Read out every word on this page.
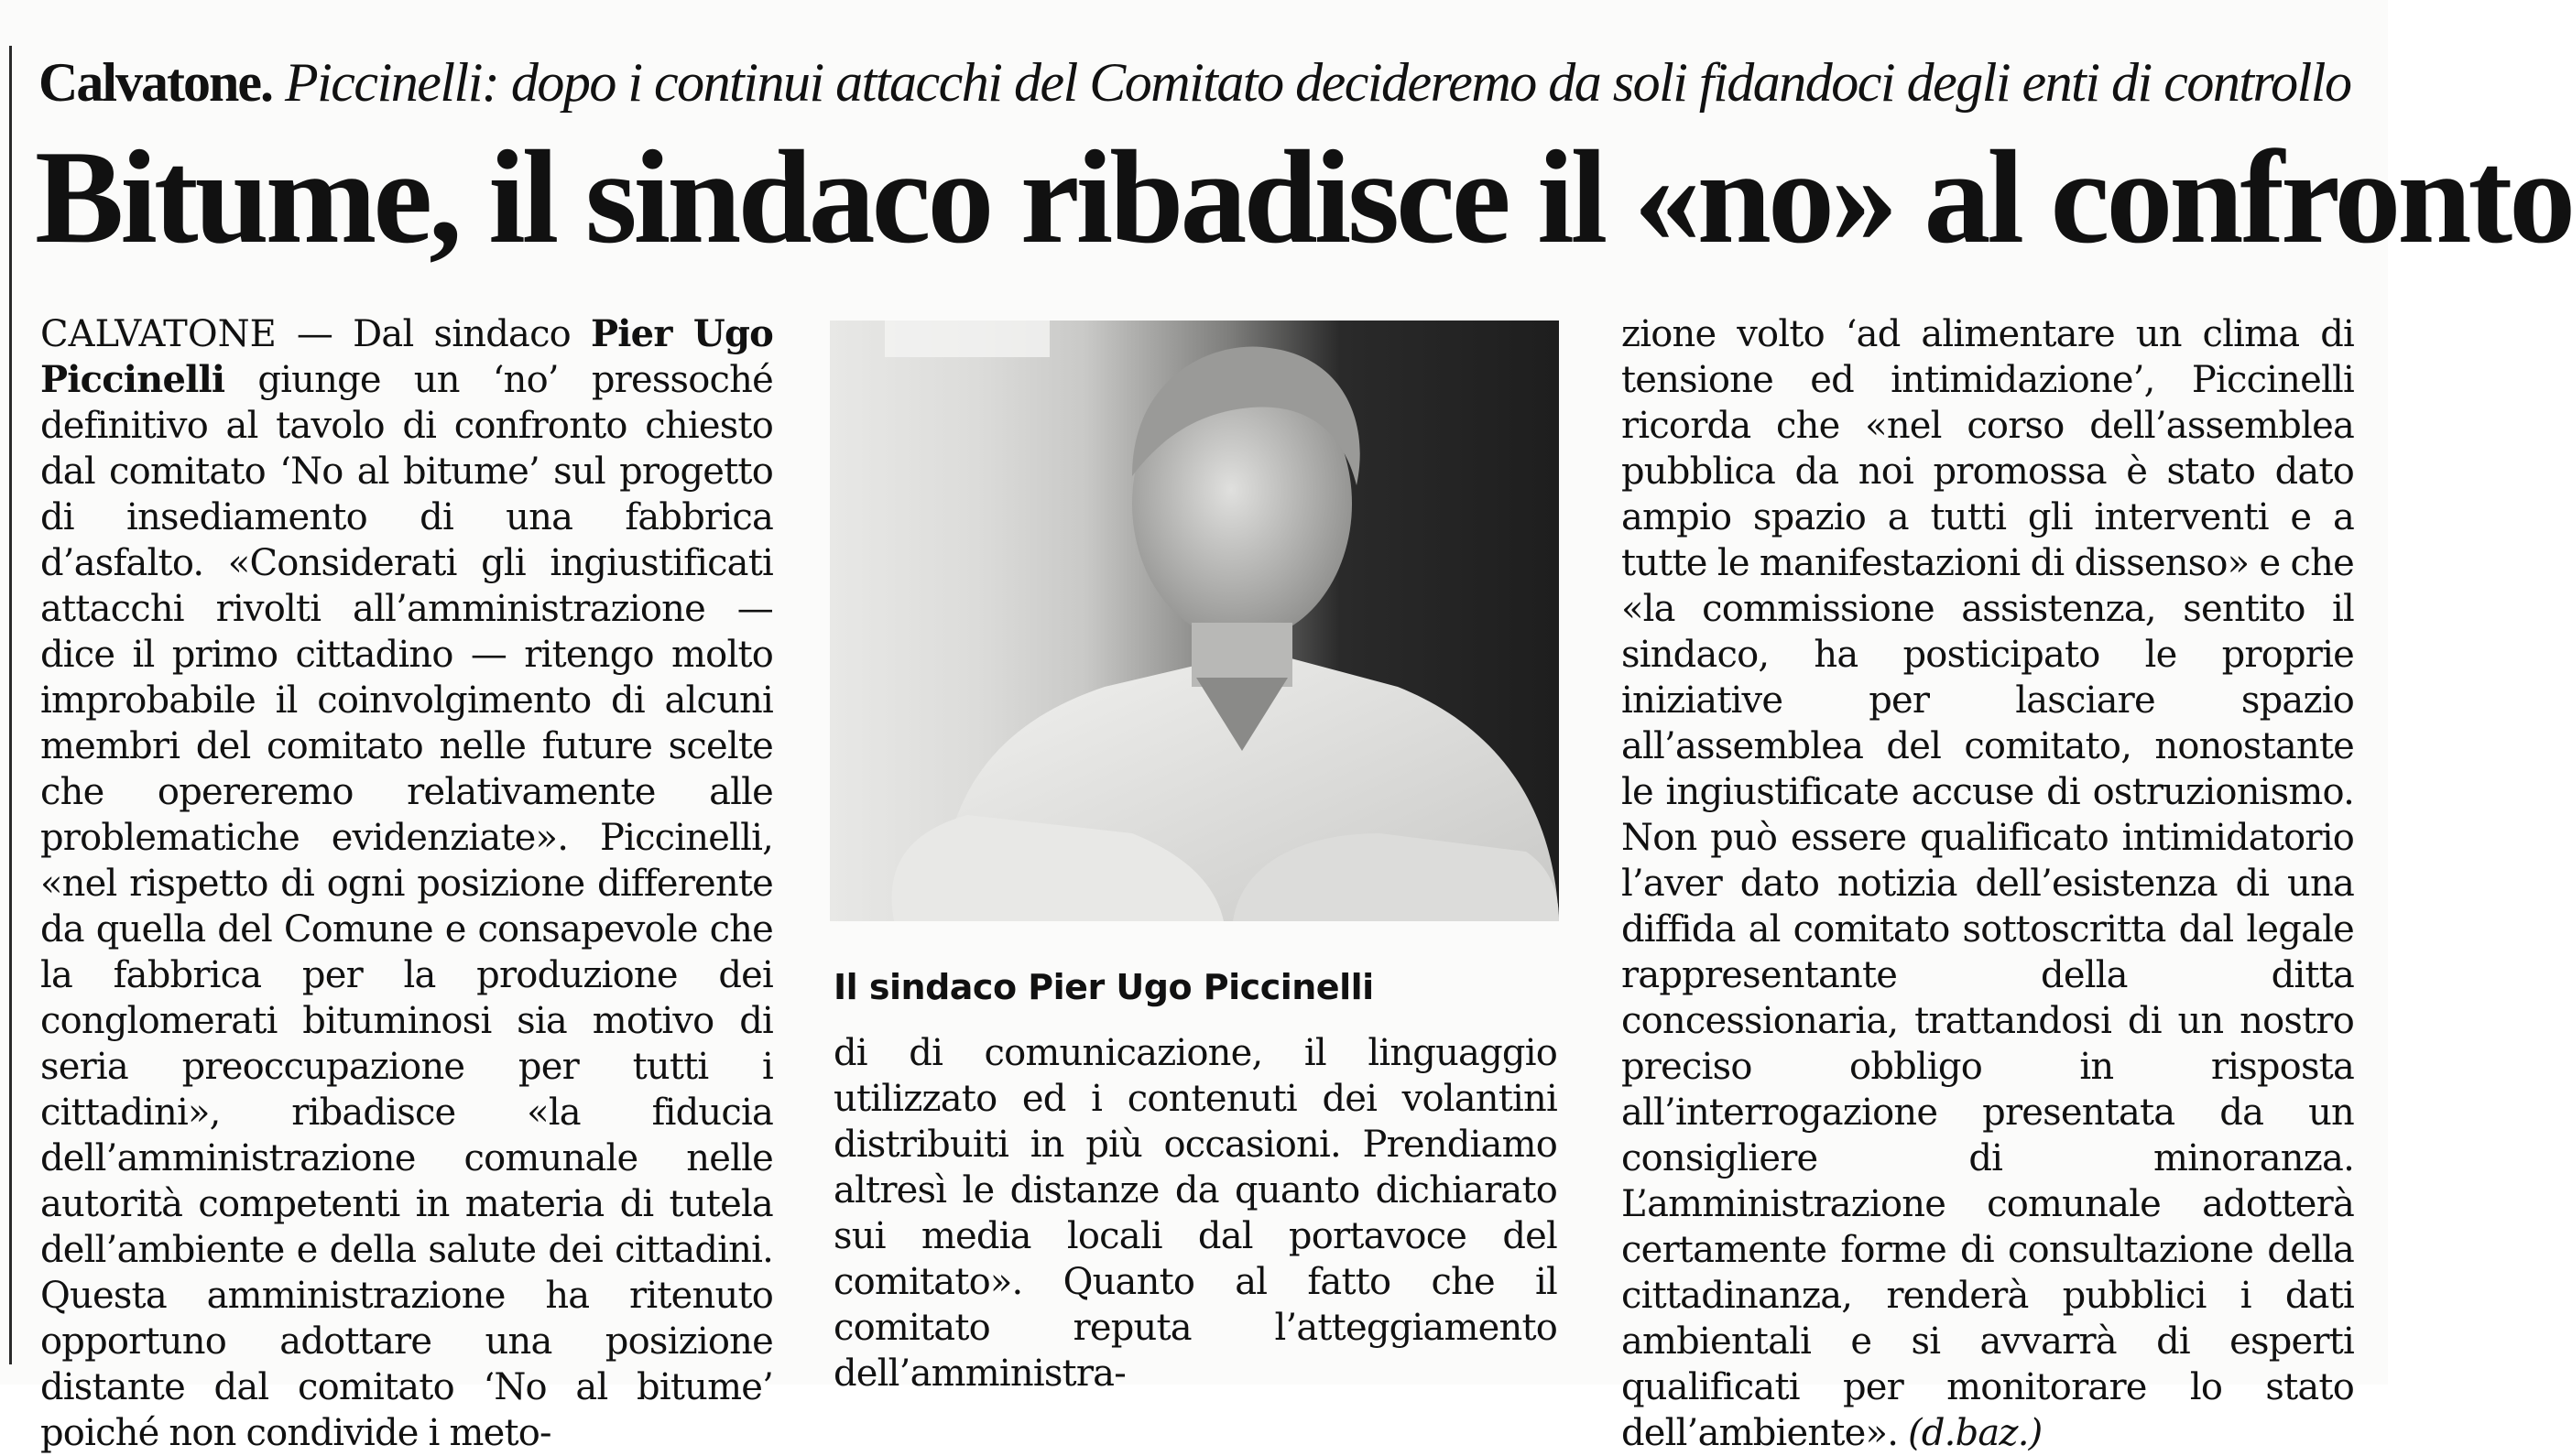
Calvatone. Piccinelli: dopo i continui attacchi del Comitato decideremo da soli fidandoci degli enti di controllo
Bitume, il sindaco ribadisce il «no» al confronto

CALVATONE — Dal sindaco Pier Ugo Piccinelli giunge un ‘no’ pressoché definitivo al tavolo di confronto chiesto dal comitato ‘No al bitume’ sul progetto di insediamento di una fabbrica d’asfalto. «Considerati gli ingiustificati attacchi rivolti all’amministrazione — dice il primo cittadino — ritengo molto improbabile il coinvolgimento di alcuni membri del comitato nelle future scelte che opereremo relativamente alle problematiche evidenziate». Piccinelli, «nel rispetto di ogni posizione differente da quella del Comune e consapevole che la fabbrica per la produzione dei conglomerati bituminosi sia motivo di seria preoccupazione per tutti i cittadini», ribadisce «la fiducia dell’amministrazione comunale nelle autorità competenti in materia di tutela dell’ambiente e della salute dei cittadini. Questa amministrazione ha ritenuto opportuno adottare una posizione distante dal comitato ‘No al bitume’ poiché non condivide i meto-

Il sindaco Pier Ugo Piccinelli

di di comunicazione, il linguaggio utilizzato ed i contenuti dei volantini distribuiti in più occasioni. Prendiamo altresì le distanze da quanto dichiarato sui media locali dal portavoce del comitato». Quanto al fatto che il comitato reputa l’atteggiamento dell’amministra-

zione volto ‘ad alimentare un clima di tensione ed intimidazione’, Piccinelli ricorda che «nel corso dell’assemblea pubblica da noi promossa è stato dato ampio spazio a tutti gli interventi e a tutte le manifestazioni di dissenso» e che «la commissione assistenza, sentito il sindaco, ha posticipato le proprie iniziative per lasciare spazio all’assemblea del comitato, nonostante le ingiustificate accuse di ostruzionismo. Non può essere qualificato intimidatorio l’aver dato notizia dell’esistenza di una diffida al comitato sottoscritta dal legale rappresentante della ditta concessionaria, trattandosi di un nostro preciso obbligo in risposta all’interrogazione presentata da un consigliere di minoranza. L’amministrazione comunale adotterà certamente forme di consultazione della cittadinanza, renderà pubblici i dati ambientali e si avvarrà di esperti qualificati per monitorare lo stato dell’ambiente». (d.baz.)
